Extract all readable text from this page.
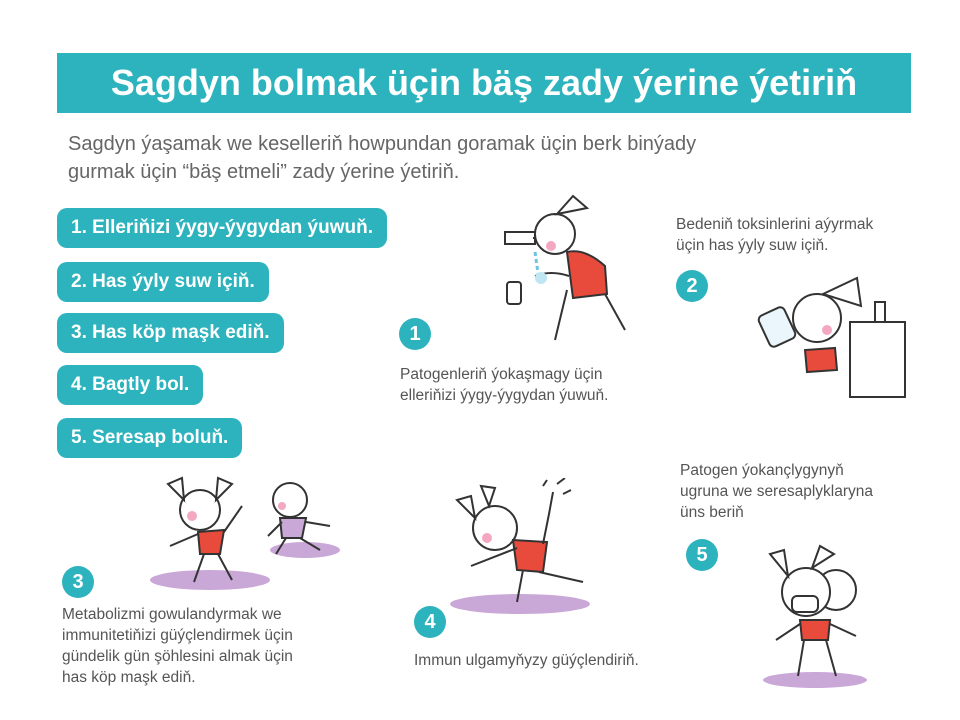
Sagdyn bolmak üçin bäş zady ýerine ýetiriň
Sagdyn ýaşamak we keselleriň howpundan goramak üçin berk binýady
gurmak üçin “bäş etmeli” zady ýerine ýetiriň.
1. Elleriňizi ýygy-ýygydan ýuwuň.
2. Has ýyly suw içiň.
3. Has köp maşk ediň.
4. Bagtly bol.
5. Seresap boluň.
1
Patogenleriň ýokaşmagy üçin
elleriňizi ýygy-ýygydan ýuwuň.
Bedeniň toksinlerini aýyrmak
üçin has ýyly suw içiň.
2
3
Metabolizmi gowulandyrmak we
immunitetiňizi güýçlendirmek üçin
gündelik gün şöhlesini almak üçin
has köp maşk ediň.
4
Immun ulgamyňyzy güýçlendiriň.
Patogen ýokançlygynyň
ugruna we seresaplyklaryna
üns beriň
5
